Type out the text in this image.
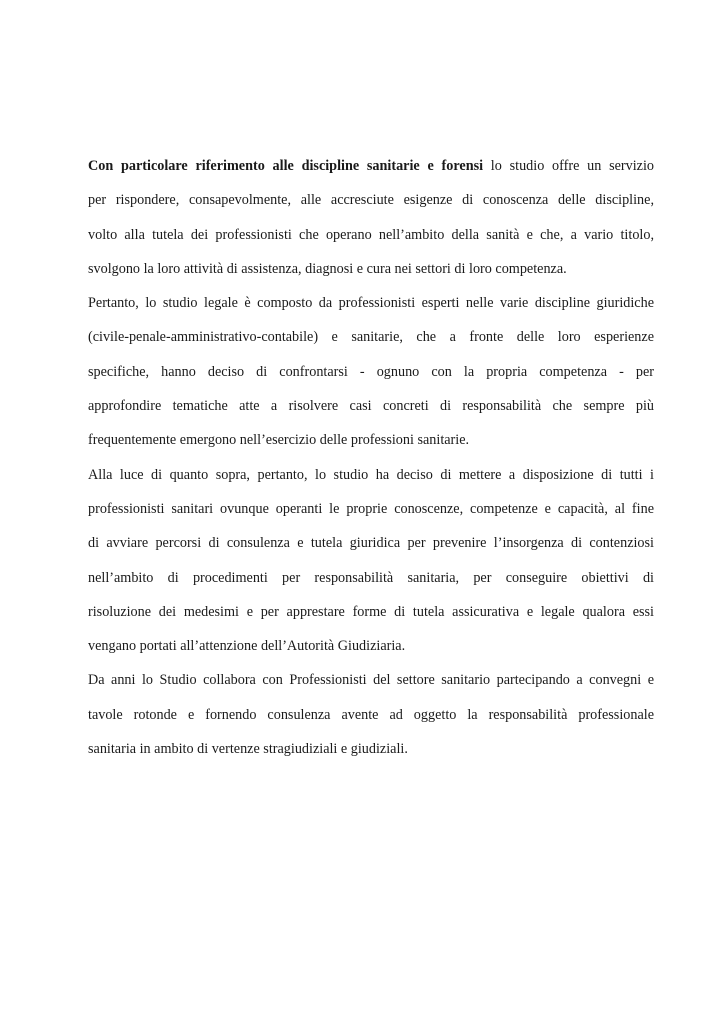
Con particolare riferimento alle discipline sanitarie e forensi lo studio offre un servizio
per rispondere, consapevolmente, alle accresciute esigenze di conoscenza delle discipline,
volto alla tutela dei professionisti che operano nell’ambito della sanità e che, a vario titolo,
svolgono la loro attività di assistenza, diagnosi e cura nei settori di loro competenza.
Pertanto, lo studio legale è composto da professionisti esperti nelle varie discipline giuridiche
(civile-penale-amministrativo-contabile) e sanitarie, che a fronte delle loro esperienze
specifiche, hanno deciso di confrontarsi - ognuno con la propria competenza - per
approfondire tematiche atte a risolvere casi concreti di responsabilità che sempre più
frequentemente emergono nell’esercizio delle professioni sanitarie.
Alla luce di quanto sopra, pertanto, lo studio ha deciso di mettere a disposizione di tutti i
professionisti sanitari ovunque operanti le proprie conoscenze, competenze e capacità, al fine
di avviare percorsi di consulenza e tutela giuridica per prevenire l’insorgenza di contenziosi
nell’ambito di procedimenti per responsabilità sanitaria, per conseguire obiettivi di
risoluzione dei medesimi e per apprestare forme di tutela assicurativa e legale qualora essi
vengano portati all’attenzione dell’Autorità Giudiziaria.
Da anni lo Studio collabora con Professionisti del settore sanitario partecipando a convegni e
tavole rotonde e fornendo consulenza avente ad oggetto la responsabilità professionale
sanitaria in ambito di vertenze stragiudiziali e giudiziali.
